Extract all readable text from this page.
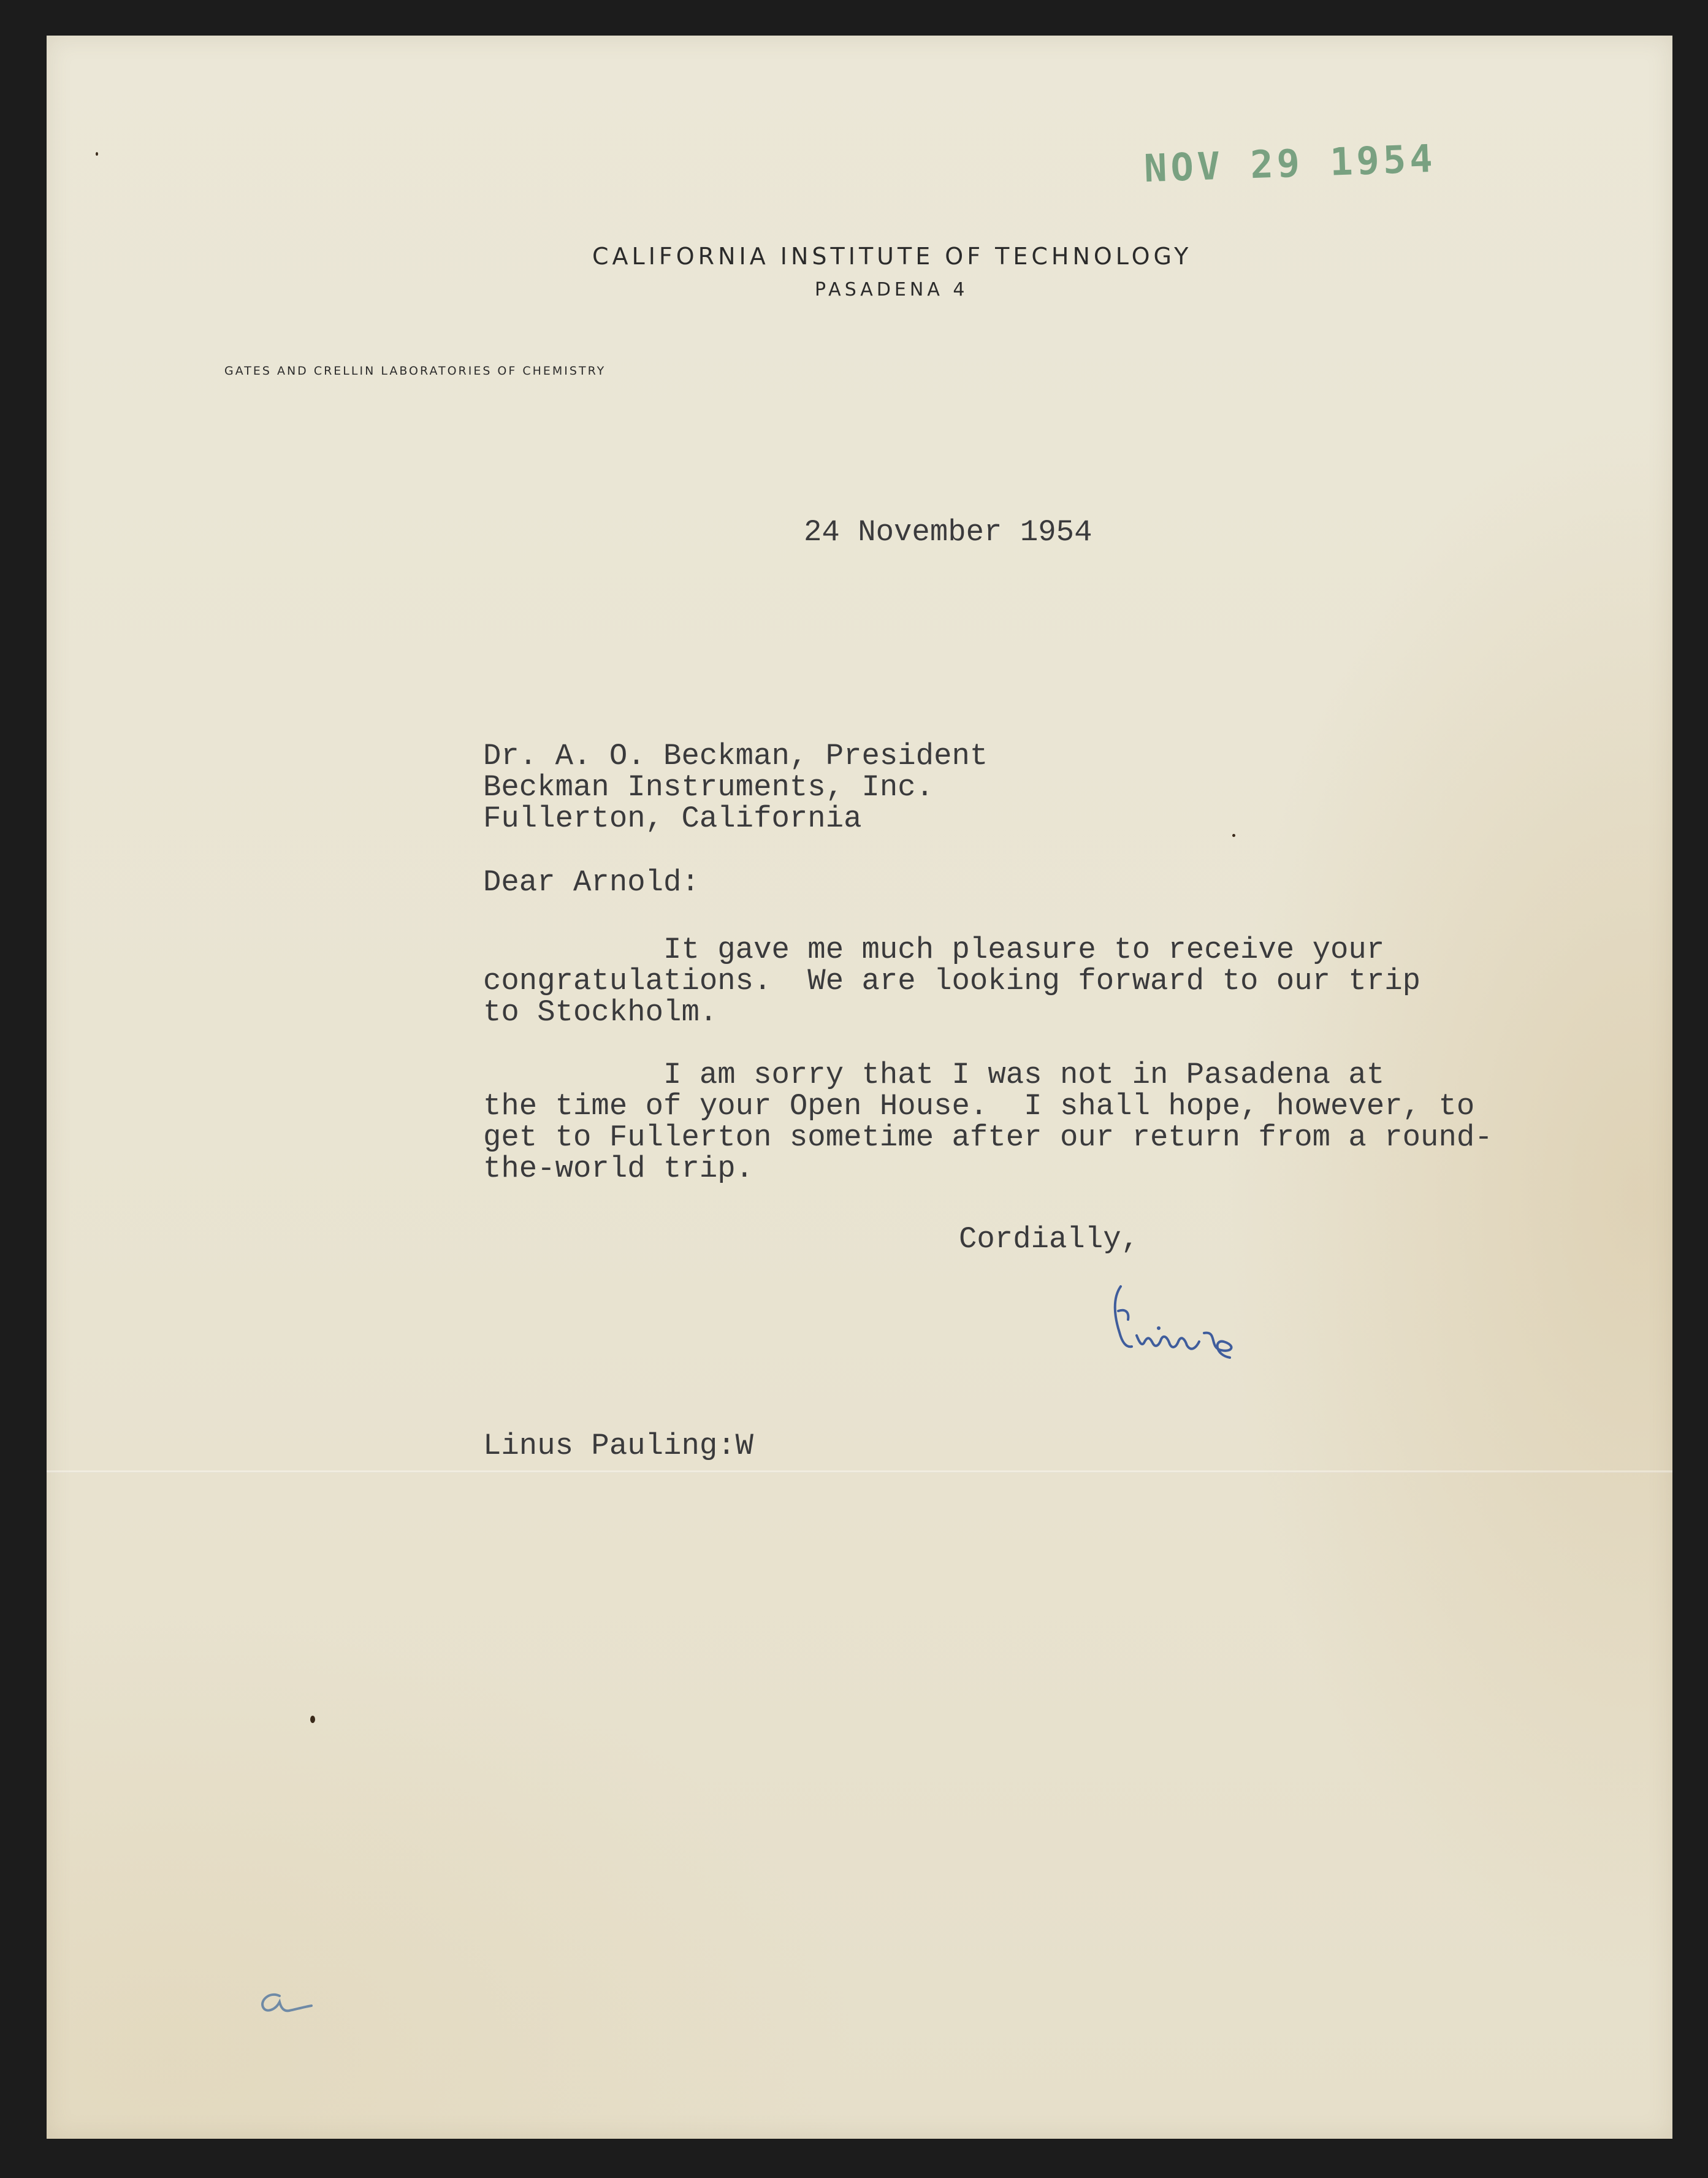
NOV 29 1954
CALIFORNIA INSTITUTE OF TECHNOLOGY
PASADENA 4
GATES AND CRELLIN LABORATORIES OF CHEMISTRY
24 November 1954
Dr. A. O. Beckman, President
Beckman Instruments, Inc.
Fullerton, California
Dear Arnold:
It gave me much pleasure to receive your
congratulations.  We are looking forward to our trip
to Stockholm.
I am sorry that I was not in Pasadena at
the time of your Open House.  I shall hope, however, to
get to Fullerton sometime after our return from a round-
the-world trip.
Cordially,
Linus Pauling:W
